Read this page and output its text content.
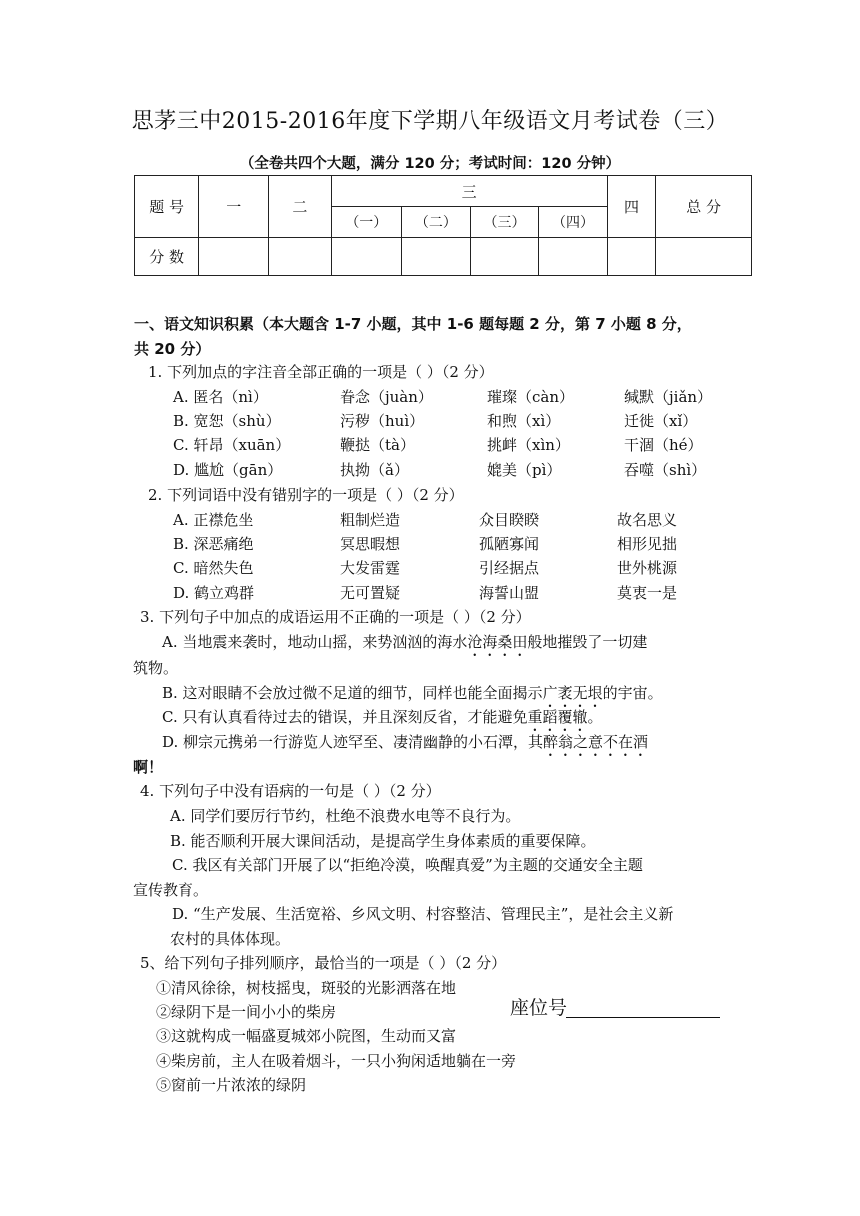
思茅三中2015-2016年度下学期八年级语文月考试卷（三）
（全卷共四个大题，满分 120 分；考试时间：120 分钟）
题 号	一	二	三				四	总 分
			（一）	（二）	（三）	（四）		
分 数								
一、语文知识积累（本大题含 1-7 小题，其中 1-6 题每题 2 分，第 7 小题 8 分，
共 20 分）
1. 下列加点的字注音全部正确的一项是（ ）（2 分）
A. 匿名（nì）	眷念（juàn）	璀璨（càn）	缄默（jiǎn）
B. 宽恕（shù）	污秽（huì）	和煦（xì）	迁徙（xǐ）
C. 轩昂（xuān）	鞭挞（tà）	挑衅（xìn）	干涸（hé）
D. 尴尬（gān）	执拗（ǎ）	媲美（pì）	吞噬（shì）
2. 下列词语中没有错别字的一项是（ ）（2 分）
A. 正襟危坐	粗制烂造	众目睽睽	故名思义
B. 深恶痛绝	冥思暇想	孤陋寡闻	相形见拙
C. 暗然失色	大发雷霆	引经据点	世外桃源
D. 鹤立鸡群	无可置疑	海誓山盟	莫衷一是
3. 下列句子中加点的成语运用不正确的一项是（ ）（2 分）
A. 当地震来袭时，地动山摇，来势汹汹的海水沧海桑田般地摧毁了一切建
筑物。
B. 这对眼睛不会放过微不足道的细节，同样也能全面揭示广袤无垠的宇宙。
C. 只有认真看待过去的错误，并且深刻反省，才能避免重蹈覆辙。
D. 柳宗元携弟一行游览人迹罕至、凄清幽静的小石潭，其醉翁之意不在酒
啊！
4. 下列句子中没有语病的一句是（ ）（2 分）
A. 同学们要厉行节约，杜绝不浪费水电等不良行为。
B. 能否顺利开展大课间活动，是提高学生身体素质的重要保障。
C. 我区有关部门开展了以“拒绝冷漠，唤醒真爱”为主题的交通安全主题
宣传教育。
D. “生产发展、生活宽裕、乡风文明、村容整洁、管理民主”，是社会主义新
农村的具体体现。
5、给下列句子排列顺序，最恰当的一项是（ ）（2 分）
①清风徐徐，树枝摇曳，斑驳的光影洒落在地
②绿阴下是一间小小的柴房
③这就构成一幅盛夏城郊小院图，生动而又富
④柴房前，主人在吸着烟斗，一只小狗闲适地躺在一旁
⑤窗前一片浓浓的绿阴
座位号
